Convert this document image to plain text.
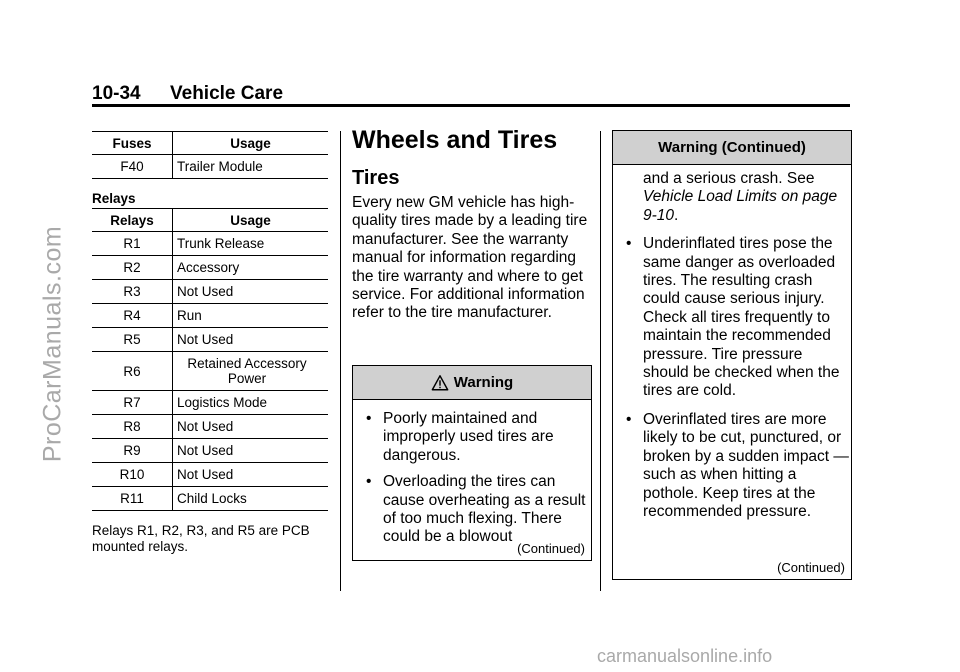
10-34 Vehicle Care
ProCarManuals.com
carmanualsonline.info
Fuses	Usage
F40	Trailer Module
Relays
Relays	Usage
R1	Trunk Release
R2	Accessory
R3	Not Used
R4	Run
R5	Not Used
R6	Retained Accessory Power

R7	Logistics Mode
R8	Not Used
R9	Not Used
R10	Not Used
R11	Child Locks
Relays R1, R2, R3, and R5 are PCB mounted relays.
Wheels and Tires
Tires
Every new GM vehicle has high-quality tires made by a leading tire manufacturer. See the warranty manual for information regarding the tire warranty and where to get service. For additional information refer to the tire manufacturer.
Warning
• Poorly maintained and improperly used tires are dangerous.
• Overloading the tires can cause overheating as a result of too much flexing. There could be a blowout
(Continued)
Warning (Continued)
and a serious crash. See Vehicle Load Limits on page 9-10.
• Underinflated tires pose the same danger as overloaded tires. The resulting crash could cause serious injury. Check all tires frequently to maintain the recommended pressure. Tire pressure should be checked when the tires are cold.
• Overinflated tires are more likely to be cut, punctured, or broken by a sudden impact — such as when hitting a pothole. Keep tires at the recommended pressure.
(Continued)
